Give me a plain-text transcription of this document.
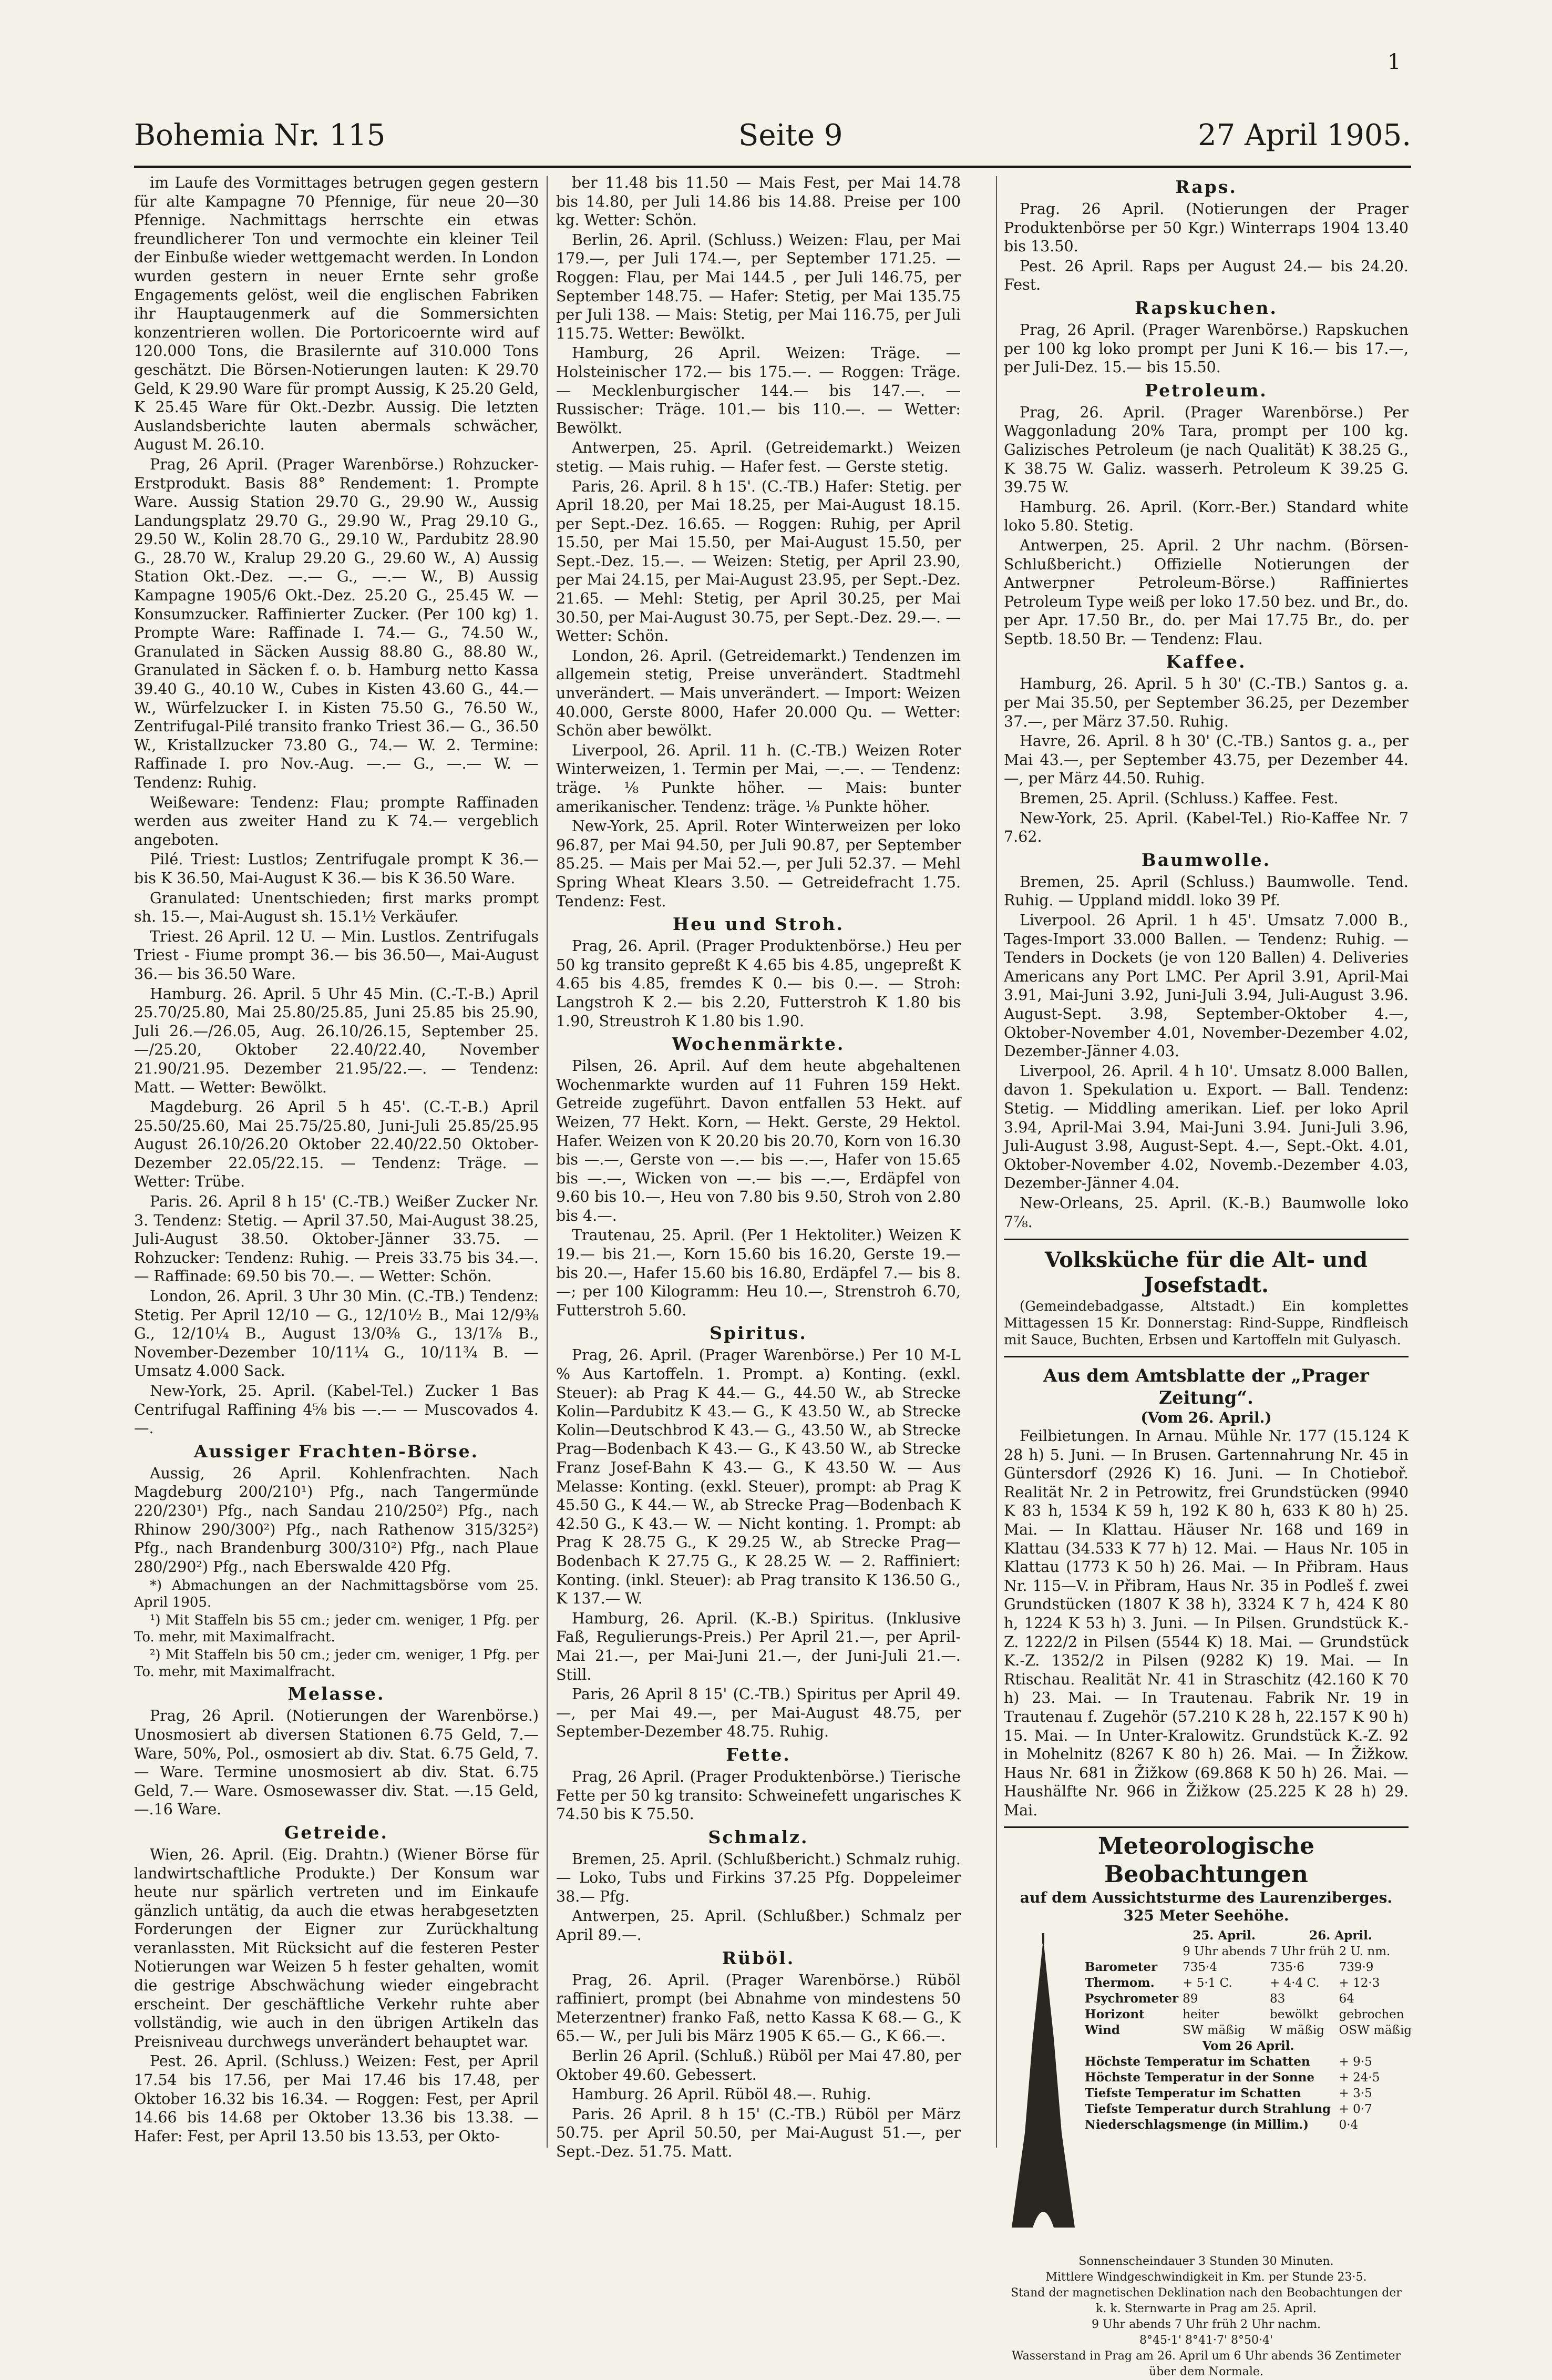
1
Bohemia Nr. 115	Seite 9	27 April 1905.

im Laufe des Vormittages betrugen gegen gestern für alte Kampagne 70 Pfennige, für neue 20—30 Pfennige. Nachmittags herrschte ein etwas freundlicherer Ton und vermochte ein kleiner Teil der Einbuße wieder wettgemacht werden. In London wurden gestern in neuer Ernte sehr große Engagements gelöst, weil die englischen Fabriken ihr Hauptaugenmerk auf die Sommersichten konzentrieren wollen. Die Portoricoernte wird auf 120.000 Tons, die Brasilernte auf 310.000 Tons geschätzt. Die Börsen-Notierungen lauten: K 29.70 Geld, K 29.90 Ware für prompt Aussig, K 25.20 Geld, K 25.45 Ware für Okt.-Dezbr. Aussig. Die letzten Auslandsberichte lauten abermals schwächer, August M. 26.10.

Prag, 26 April. (Prager Warenbörse.) Rohzucker-Erstprodukt. Basis 88° Rendement: 1. Prompte Ware. Aussig Station 29.70 G., 29.90 W., Aussig Landungsplatz 29.70 G., 29.90 W., Prag 29.10 G., 29.50 W., Kolin 28.70 G., 29.10 W., Pardubitz 28.90 G., 28.70 W., Kralup 29.20 G., 29.60 W., A) Aussig Station Okt.-Dez. —.— G., —.— W., B) Aussig Kampagne 1905/6 Okt.-Dez. 25.20 G., 25.45 W. — Konsumzucker. Raffinierter Zucker. (Per 100 kg) 1. Prompte Ware: Raffinade I. 74.— G., 74.50 W., Granulated in Säcken Aussig 88.80 G., 88.80 W., Granulated in Säcken f. o. b. Hamburg netto Kassa 39.40 G., 40.10 W., Cubes in Kisten 43.60 G., 44.— W., Würfelzucker I. in Kisten 75.50 G., 76.50 W., Zentrifugal-Pilé transito franko Triest 36.— G., 36.50 W., Kristallzucker 73.80 G., 74.— W. 2. Termine: Raffinade I. pro Nov.-Aug. —.— G., —.— W. — Tendenz: Ruhig.

Weißeware: Tendenz: Flau; prompte Raffinaden werden aus zweiter Hand zu K 74.— vergeblich angeboten.

Pilé. Triest: Lustlos; Zentrifugale prompt K 36.— bis K 36.50, Mai-August K 36.— bis K 36.50 Ware.

Granulated: Unentschieden; first marks prompt sh. 15.—, Mai-August sh. 15.1½ Verkäufer.

Triest. 26 April. 12 U. — Min. Lustlos. Zentrifugals Triest - Fiume prompt 36.— bis 36.50—, Mai-August 36.— bis 36.50 Ware.

Hamburg. 26. April. 5 Uhr 45 Min. (C.-T.-B.) April 25.70/25.80, Mai 25.80/25.85, Juni 25.85 bis 25.90, Juli 26.—/26.05, Aug. 26.10/26.15, September 25.—/25.20, Oktober 22.40/22.40, November 21.90/21.95. Dezember 21.95/22.—. — Tendenz: Matt. — Wetter: Bewölkt.

Magdeburg. 26 April 5 h 45'. (C.-T.-B.) April 25.50/25.60, Mai 25.75/25.80, Juni-Juli 25.85/25.95 August 26.10/26.20 Oktober 22.40/22.50 Oktober-Dezember 22.05/22.15. — Tendenz: Träge. — Wetter: Trübe.

Paris. 26. April 8 h 15' (C.-TB.) Weißer Zucker Nr. 3. Tendenz: Stetig. — April 37.50, Mai-August 38.25, Juli-August 38.50. Oktober-Jänner 33.75. — Rohzucker: Tendenz: Ruhig. — Preis 33.75 bis 34.—. — Raffinade: 69.50 bis 70.—. — Wetter: Schön.

London, 26. April. 3 Uhr 30 Min. (C.-TB.) Tendenz: Stetig. Per April 12/10 — G., 12/10½ B., Mai 12/9⅜ G., 12/10¼ B., August 13/0⅜ G., 13/1⅞ B., November-Dezember 10/11¼ G., 10/11¾ B. — Umsatz 4.000 Sack.

New-York, 25. April. (Kabel-Tel.) Zucker 1 Bas Centrifugal Raffining 4⅝ bis —.— — Muscovados 4.—.

Aussiger Frachten-Börse.

Aussig, 26 April. Kohlenfrachten. Nach Magdeburg 200/210¹) Pfg., nach Tangermünde 220/230¹) Pfg., nach Sandau 210/250²) Pfg., nach Rhinow 290/300²) Pfg., nach Rathenow 315/325²) Pfg., nach Brandenburg 300/310²) Pfg., nach Plaue 280/290²) Pfg., nach Eberswalde 420 Pfg.

*) Abmachungen an der Nachmittagsbörse vom 25. April 1905.

¹) Mit Staffeln bis 55 cm.; jeder cm. weniger, 1 Pfg. per To. mehr, mit Maximalfracht.

²) Mit Staffeln bis 50 cm.; jeder cm. weniger, 1 Pfg. per To. mehr, mit Maximalfracht.

Melasse.

Prag, 26 April. (Notierungen der Warenbörse.) Unosmosiert ab diversen Stationen 6.75 Geld, 7.— Ware, 50%, Pol., osmosiert ab div. Stat. 6.75 Geld, 7.— Ware. Termine unosmosiert ab div. Stat. 6.75 Geld, 7.— Ware. Osmosewasser div. Stat. —.15 Geld, —.16 Ware.

Getreide.

Wien, 26. April. (Eig. Drahtn.) (Wiener Börse für landwirtschaftliche Produkte.) Der Konsum war heute nur spärlich vertreten und im Einkaufe gänzlich untätig, da auch die etwas herabgesetzten Forderungen der Eigner zur Zurückhaltung veranlassten. Mit Rücksicht auf die festeren Pester Notierungen war Weizen 5 h fester gehalten, womit die gestrige Abschwächung wieder eingebracht erscheint. Der geschäftliche Verkehr ruhte aber vollständig, wie auch in den übrigen Artikeln das Preisniveau durchwegs unverändert behauptet war.

Pest. 26. April. (Schluss.) Weizen: Fest, per April 17.54 bis 17.56, per Mai 17.46 bis 17.48, per Oktober 16.32 bis 16.34. — Roggen: Fest, per April 14.66 bis 14.68 per Oktober 13.36 bis 13.38. — Hafer: Fest, per April 13.50 bis 13.53, per Okto-

ber 11.48 bis 11.50 — Mais Fest, per Mai 14.78 bis 14.80, per Juli 14.86 bis 14.88. Preise per 100 kg. Wetter: Schön.

Berlin, 26. April. (Schluss.) Weizen: Flau, per Mai 179.—, per Juli 174.—, per September 171.25. — Roggen: Flau, per Mai 144.5 , per Juli 146.75, per September 148.75. — Hafer: Stetig, per Mai 135.75 per Juli 138. — Mais: Stetig, per Mai 116.75, per Juli 115.75. Wetter: Bewölkt.

Hamburg, 26 April. Weizen: Träge. — Holsteinischer 172.— bis 175.—. — Roggen: Träge. — Mecklenburgischer 144.— bis 147.—. — Russischer: Träge. 101.— bis 110.—. — Wetter: Bewölkt.

Antwerpen, 25. April. (Getreidemarkt.) Weizen stetig. — Mais ruhig. — Hafer fest. — Gerste stetig.

Paris, 26. April. 8 h 15'. (C.-TB.) Hafer: Stetig. per April 18.20, per Mai 18.25, per Mai-August 18.15. per Sept.-Dez. 16.65. — Roggen: Ruhig, per April 15.50, per Mai 15.50, per Mai-August 15.50, per Sept.-Dez. 15.—. — Weizen: Stetig, per April 23.90, per Mai 24.15, per Mai-August 23.95, per Sept.-Dez. 21.65. — Mehl: Stetig, per April 30.25, per Mai 30.50, per Mai-August 30.75, per Sept.-Dez. 29.—. — Wetter: Schön.

London, 26. April. (Getreidemarkt.) Tendenzen im allgemein stetig, Preise unverändert. Stadtmehl unverändert. — Mais unverändert. — Import: Weizen 40.000, Gerste 8000, Hafer 20.000 Qu. — Wetter: Schön aber bewölkt.

Liverpool, 26. April. 11 h. (C.-TB.) Weizen Roter Winterweizen, 1. Termin per Mai, —.—. — Tendenz: träge. ⅛ Punkte höher. — Mais: bunter amerikanischer. Tendenz: träge. ⅛ Punkte höher.

New-York, 25. April. Roter Winterweizen per loko 96.87, per Mai 94.50, per Juli 90.87, per September 85.25. — Mais per Mai 52.—, per Juli 52.37. — Mehl Spring Wheat Klears 3.50. — Getreidefracht 1.75. Tendenz: Fest.

Heu und Stroh.

Prag, 26. April. (Prager Produktenbörse.) Heu per 50 kg transito gepreßt K 4.65 bis 4.85, ungepreßt K 4.65 bis 4.85, fremdes K 0.— bis 0.—. — Stroh: Langstroh K 2.— bis 2.20, Futterstroh K 1.80 bis 1.90, Streustroh K 1.80 bis 1.90.

Wochenmärkte.

Pilsen, 26. April. Auf dem heute abgehaltenen Wochenmarkte wurden auf 11 Fuhren 159 Hekt. Getreide zugeführt. Davon entfallen 53 Hekt. auf Weizen, 77 Hekt. Korn, — Hekt. Gerste, 29 Hektol. Hafer. Weizen von K 20.20 bis 20.70, Korn von 16.30 bis —.—, Gerste von —.— bis —.—, Hafer von 15.65 bis —.—, Wicken von —.— bis —.—, Erdäpfel von 9.60 bis 10.—, Heu von 7.80 bis 9.50, Stroh von 2.80 bis 4.—.

Trautenau, 25. April. (Per 1 Hektoliter.) Weizen K 19.— bis 21.—, Korn 15.60 bis 16.20, Gerste 19.— bis 20.—, Hafer 15.60 bis 16.80, Erdäpfel 7.— bis 8.—; per 100 Kilogramm: Heu 10.—, Strenstroh 6.70, Futterstroh 5.60.

Spiritus.

Prag, 26. April. (Prager Warenbörse.) Per 10 M-L % Aus Kartoffeln. 1. Prompt. a) Konting. (exkl. Steuer): ab Prag K 44.— G., 44.50 W., ab Strecke Kolin—Pardubitz K 43.— G., K 43.50 W., ab Strecke Kolin—Deutschbrod K 43.— G., 43.50 W., ab Strecke Prag—Bodenbach K 43.— G., K 43.50 W., ab Strecke Franz Josef-Bahn K 43.— G., K 43.50 W. — Aus Melasse: Konting. (exkl. Steuer), prompt: ab Prag K 45.50 G., K 44.— W., ab Strecke Prag—Bodenbach K 42.50 G., K 43.— W. — Nicht konting. 1. Prompt: ab Prag K 28.75 G., K 29.25 W., ab Strecke Prag—Bodenbach K 27.75 G., K 28.25 W. — 2. Raffiniert: Konting. (inkl. Steuer): ab Prag transito K 136.50 G., K 137.— W.

Hamburg, 26. April. (K.-B.) Spiritus. (Inklusive Faß, Regulierungs-Preis.) Per April 21.—, per April-Mai 21.—, per Mai-Juni 21.—, der Juni-Juli 21.—. Still.

Paris, 26 April 8 15' (C.-TB.) Spiritus per April 49.—, per Mai 49.—, per Mai-August 48.75, per September-Dezember 48.75. Ruhig.

Fette.

Prag, 26 April. (Prager Produktenbörse.) Tierische Fette per 50 kg transito: Schweinefett ungarisches K 74.50 bis K 75.50.

Schmalz.

Bremen, 25. April. (Schlußbericht.) Schmalz ruhig. — Loko, Tubs und Firkins 37.25 Pfg. Doppeleimer 38.— Pfg.

Antwerpen, 25. April. (Schlußber.) Schmalz per April 89.—.

Rüböl.

Prag, 26. April. (Prager Warenbörse.) Rüböl raffiniert, prompt (bei Abnahme von mindestens 50 Meterzentner) franko Faß, netto Kassa K 68.— G., K 65.— W., per Juli bis März 1905 K 65.— G., K 66.—.

Berlin 26 April. (Schluß.) Rüböl per Mai 47.80, per Oktober 49.60. Gebessert.

Hamburg. 26 April. Rüböl 48.—. Ruhig.

Paris. 26 April. 8 h 15' (C.-TB.) Rüböl per März 50.75. per April 50.50, per Mai-August 51.—, per Sept.-Dez. 51.75. Matt.

Raps.

Prag. 26 April. (Notierungen der Prager Produktenbörse per 50 Kgr.) Winterraps 1904 13.40 bis 13.50.

Pest. 26 April. Raps per August 24.— bis 24.20. Fest.

Rapskuchen.

Prag, 26 April. (Prager Warenbörse.) Rapskuchen per 100 kg loko prompt per Juni K 16.— bis 17.—, per Juli-Dez. 15.— bis 15.50.

Petroleum.

Prag, 26. April. (Prager Warenbörse.) Per Waggonladung 20% Tara, prompt per 100 kg. Galizisches Petroleum (je nach Qualität) K 38.25 G., K 38.75 W. Galiz. wasserh. Petroleum K 39.25 G. 39.75 W.

Hamburg. 26. April. (Korr.-Ber.) Standard white loko 5.80. Stetig.

Antwerpen, 25. April. 2 Uhr nachm. (Börsen-Schlußbericht.) Offizielle Notierungen der Antwerpner Petroleum-Börse.) Raffiniertes Petroleum Type weiß per loko 17.50 bez. und Br., do. per Apr. 17.50 Br., do. per Mai 17.75 Br., do. per Septb. 18.50 Br. — Tendenz: Flau.

Kaffee.

Hamburg, 26. April. 5 h 30' (C.-TB.) Santos g. a. per Mai 35.50, per September 36.25, per Dezember 37.—, per März 37.50. Ruhig.

Havre, 26. April. 8 h 30' (C.-TB.) Santos g. a., per Mai 43.—, per September 43.75, per Dezember 44.—, per März 44.50. Ruhig.

Bremen, 25. April. (Schluss.) Kaffee. Fest.

New-York, 25. April. (Kabel-Tel.) Rio-Kaffee Nr. 7 7.62.

Baumwolle.

Bremen, 25. April (Schluss.) Baumwolle. Tend. Ruhig. — Uppland middl. loko 39 Pf.

Liverpool. 26 April. 1 h 45'. Umsatz 7.000 B., Tages-Import 33.000 Ballen. — Tendenz: Ruhig. — Tenders in Dockets (je von 120 Ballen) 4. Deliveries Americans any Port LMC. Per April 3.91, April-Mai 3.91, Mai-Juni 3.92, Juni-Juli 3.94, Juli-August 3.96. August-Sept. 3.98, September-Oktober 4.—, Oktober-November 4.01, November-Dezember 4.02, Dezember-Jänner 4.03.

Liverpool, 26. April. 4 h 10'. Umsatz 8.000 Ballen, davon 1. Spekulation u. Export. — Ball. Tendenz: Stetig. — Middling amerikan. Lief. per loko April 3.94, April-Mai 3.94, Mai-Juni 3.94. Juni-Juli 3.96, Juli-August 3.98, August-Sept. 4.—, Sept.-Okt. 4.01, Oktober-November 4.02, Novemb.-Dezember 4.03, Dezember-Jänner 4.04.

New-Orleans, 25. April. (K.-B.) Baumwolle loko 7⅞.

Volksküche für die Alt- und Josefstadt.

(Gemeindebadgasse, Altstadt.) Ein komplettes Mittagessen 15 Kr. Donnerstag: Rind-Suppe, Rindfleisch mit Sauce, Buchten, Erbsen und Kartoffeln mit Gulyasch.

Aus dem Amtsblatte der „Prager Zeitung“.
(Vom 26. April.)

Feilbietungen. In Arnau. Mühle Nr. 177 (15.124 K 28 h) 5. Juni. — In Brusen. Gartennahrung Nr. 45 in Güntersdorf (2926 K) 16. Juni. — In Chotieboř. Realität Nr. 2 in Petrowitz, frei Grundstücken (9940 K 83 h, 1534 K 59 h, 192 K 80 h, 633 K 80 h) 25. Mai. — In Klattau. Häuser Nr. 168 und 169 in Klattau (34.533 K 77 h) 12. Mai. — Haus Nr. 105 in Klattau (1773 K 50 h) 26. Mai. — In Přibram. Haus Nr. 115—V. in Přibram, Haus Nr. 35 in Podleš f. zwei Grundstücken (1807 K 38 h), 3324 K 7 h, 424 K 80 h, 1224 K 53 h) 3. Juni. — In Pilsen. Grundstück K.-Z. 1222/2 in Pilsen (5544 K) 18. Mai. — Grundstück K.-Z. 1352/2 in Pilsen (9282 K) 19. Mai. — In Rtischau. Realität Nr. 41 in Straschitz (42.160 K 70 h) 23. Mai. — In Trautenau. Fabrik Nr. 19 in Trautenau f. Zugehör (57.210 K 28 h, 22.157 K 90 h) 15. Mai. — In Unter-Kralowitz. Grundstück K.-Z. 92 in Mohelnitz (8267 K 80 h) 26. Mai. — In Žižkow. Haus Nr. 681 in Žižkow (69.868 K 50 h) 26. Mai. — Haushälfte Nr. 966 in Žižkow (25.225 K 28 h) 29. Mai.

Meteorologische Beobachtungen
auf dem Aussichtsturme des Laurenziberges.
325 Meter Seehöhe.
	25. April.	26. April.	
	9 Uhr abends	7 Uhr früh	2 U. nm.
Barometer	735·4	735·6	739·9
Thermom.	+ 5·1 C.	+ 4·4 C.	+ 12·3
Psychrometer	89	83	64
Horizont	heiter	bewölkt	gebrochen
Wind	SW mäßig	W mäßig	OSW mäßig
Vom 26 April.			
Höchste Temperatur im Schatten			+ 9·5
Höchste Temperatur in der Sonne			+ 24·5
Tiefste Temperatur im Schatten			+ 3·5
Tiefste Temperatur durch Strahlung			+ 0·7
Niederschlagsmenge (in Millim.)			0·4
Sonnenscheindauer 3 Stunden 30 Minuten.
Mittlere Windgeschwindigkeit in Km. per Stunde 23·5.
Stand der magnetischen Deklination nach den Beobachtungen der k. k. Sternwarte in Prag am 25. April.
9 Uhr abends 7 Uhr früh 2 Uhr nachm.
8°45·1' 8°41·7' 8°50·4'
Wasserstand in Prag am 26. April um 6 Uhr abends 36 Zentimeter über dem Normale.
